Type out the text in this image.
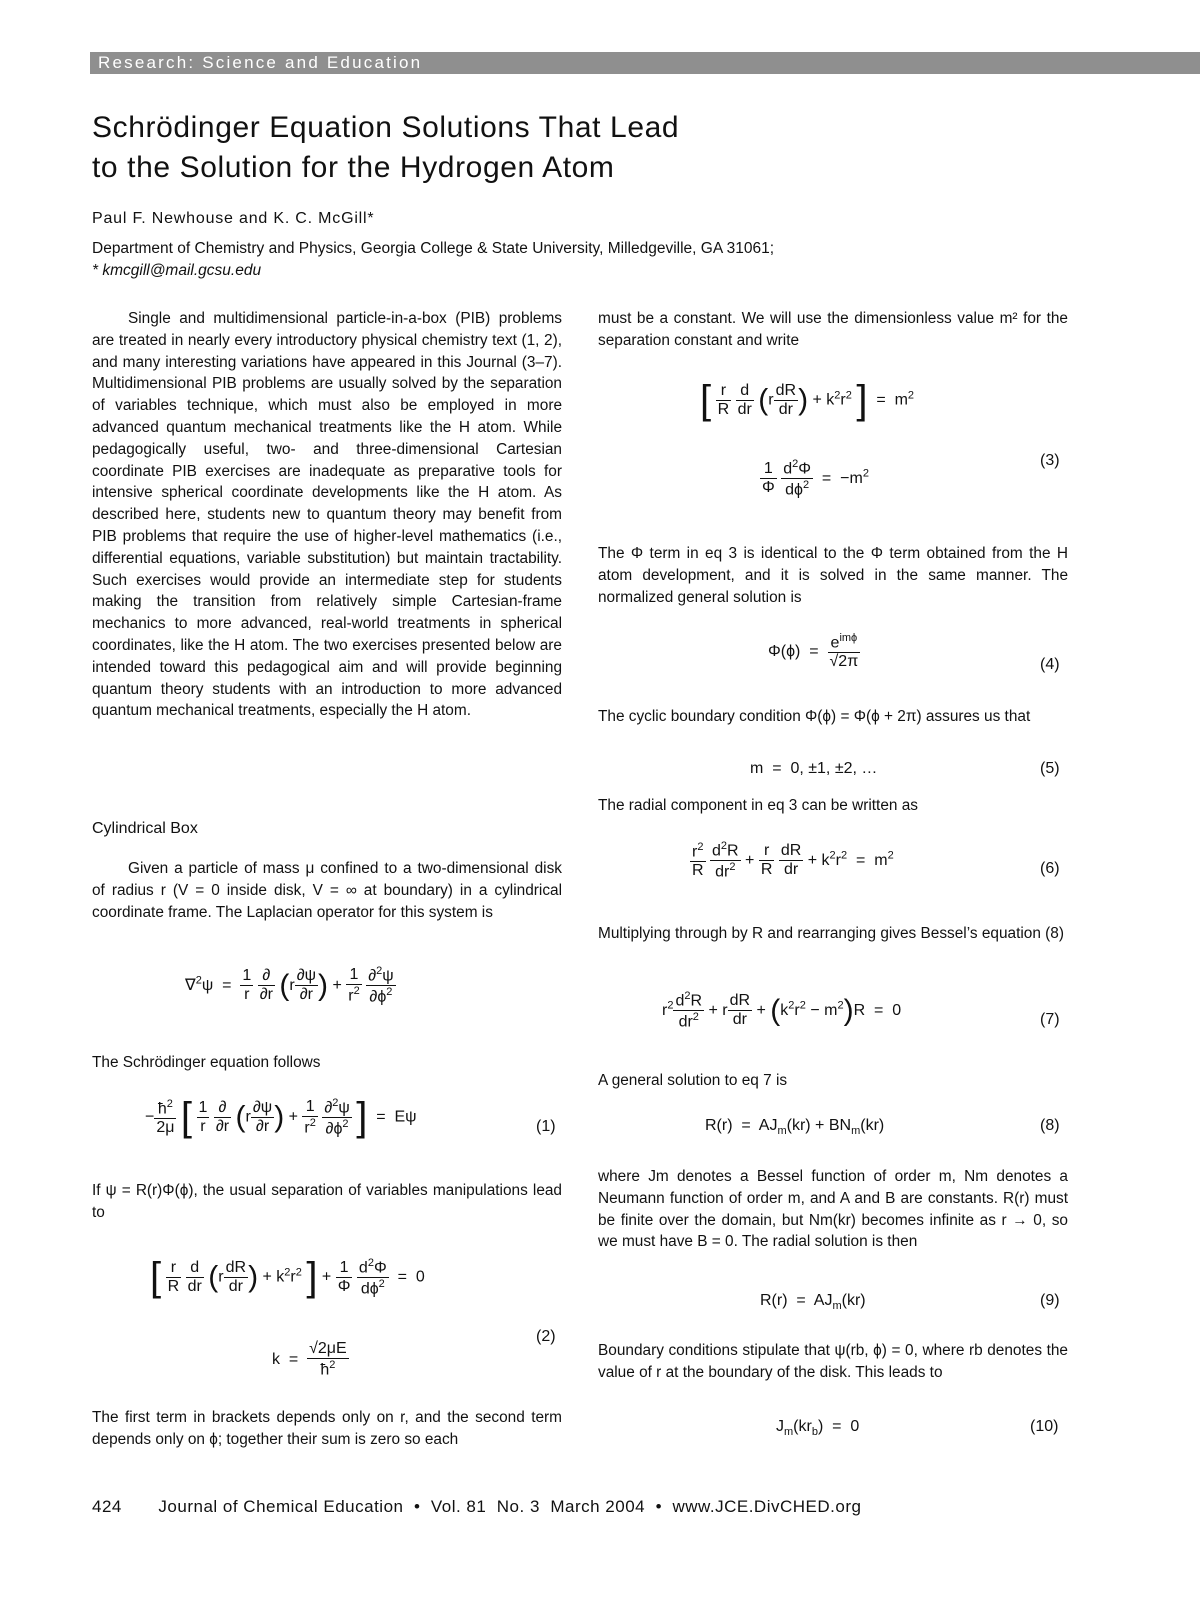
Research: Science and Education
Schrödinger Equation Solutions That Lead
to the Solution for the Hydrogen Atom
Paul F. Newhouse and K. C. McGill*
Department of Chemistry and Physics, Georgia College & State University, Milledgeville, GA 31061;
* kmcgill@mail.gcsu.edu

Single and multidimensional particle-in-a-box (PIB) problems are treated in nearly every introductory physical chemistry text (1, 2), and many interesting variations have appeared in this Journal (3–7). Multidimensional PIB problems are usually solved by the separation of variables technique, which must also be employed in more advanced quantum mechanical treatments like the H atom. While pedagogically useful, two- and three-dimensional Cartesian coordinate PIB exercises are inadequate as preparative tools for intensive spherical coordinate developments like the H atom. As described here, students new to quantum theory may benefit from PIB problems that require the use of higher-level mathematics (i.e., differential equations, variable substitution) but maintain tractability. Such exercises would provide an intermediate step for students making the transition from relatively simple Cartesian-frame mechanics to more advanced, real-world treatments in spherical coordinates, like the H atom. The two exercises presented below are intended toward this pedagogical aim and will provide beginning quantum theory students with an introduction to more advanced quantum mechanical treatments, especially the H atom.

Cylindrical Box

Given a particle of mass μ confined to a two-dimensional disk of radius r (V = 0 inside disk, V = ∞ at boundary) in a cylindrical coordinate frame. The Laplacian operator for this system is

$\nabla^2\psi = \frac{1}{r}$
$\frac{\partial}{\partial r} (r \frac{\partial\psi}{\partial r}$ ) + $\frac{1}{r^2}$
$\frac{\partial^2\psi}{\partial\phi^2}$

The Schrödinger equation follows

− $\frac{ħ^2}{2\mu}$ [ $\frac{1}{r}$
$\frac{\partial}{\partial r} (r \frac{\partial\psi}{\partial r}$ ) + $\frac{1}{r^2}$
$\frac{\partial^2\psi}{\partial\phi^2}$ ]  =  Eψ
(1)

If ψ = R(r)Φ(ϕ), the usual separation of variables manipulations lead to

[ $\frac{r}{R}$
$\frac{d}{dr} (r \frac{dR}{dr}$ ) + $k^2r^2$ ] + $\frac{1}{\Phi}$
$\frac{d^2\Phi}{d\phi^2} = 0$
$k = \frac{√2\mu E}{ħ^2}$
(2)

The first term in brackets depends only on r, and the second term depends only on ϕ; together their sum is zero so each

must be a constant. We will use the dimensionless value m² for the separation constant and write

[ $\frac{r}{R}$
$\frac{d}{dr} (r \frac{dR}{dr}$ ) + $k^2r^2$ ]  =  $m^2$
$\frac{1}{\Phi}$
$\frac{d^2\Phi}{d\phi^2} = -m^2$
(3)

The Φ term in eq 3 is identical to the Φ term obtained from the H atom development, and it is solved in the same manner. The normalized general solution is

$\Phi(\phi) = \frac{e^{im\phi}}{√2\pi}$	(4)

The cyclic boundary condition Φ(ϕ) = Φ(ϕ + 2π) assures us that

m  =  0, ±1, ±2, …	(5)

The radial component in eq 3 can be written as

$\frac{r^2}{R}$
$\frac{d^2R}{dr^2} + \frac{r}{R}$
$\frac{dR}{dr} + k^2r^2 = m^2$
(6)

Multiplying through by R and rearranging gives Bessel’s equation (8)

$r^2 \frac{d^2R}{dr^2} + r \frac{dR}{dr} + (k^2r^2 - m^2)R = 0$
(7)

A general solution to eq 7 is

$R(r) = AJ_m(kr) + BN_m(kr)$	(8)

where Jm denotes a Bessel function of order m, Nm denotes a Neumann function of order m, and A and B are constants. R(r) must be finite over the domain, but Nm(kr) becomes infinite as r → 0, so we must have B = 0. The radial solution is then

$R(r) = AJ_m(kr)$	(9)

Boundary conditions stipulate that ψ(rb, ϕ) = 0, where rb denotes the value of r at the boundary of the disk. This leads to

$J_m(kr_b) = 0$	(10)
424       Journal of Chemical Education  •  Vol. 81  No. 3  March 2004  •  www.JCE.DivCHED.org
